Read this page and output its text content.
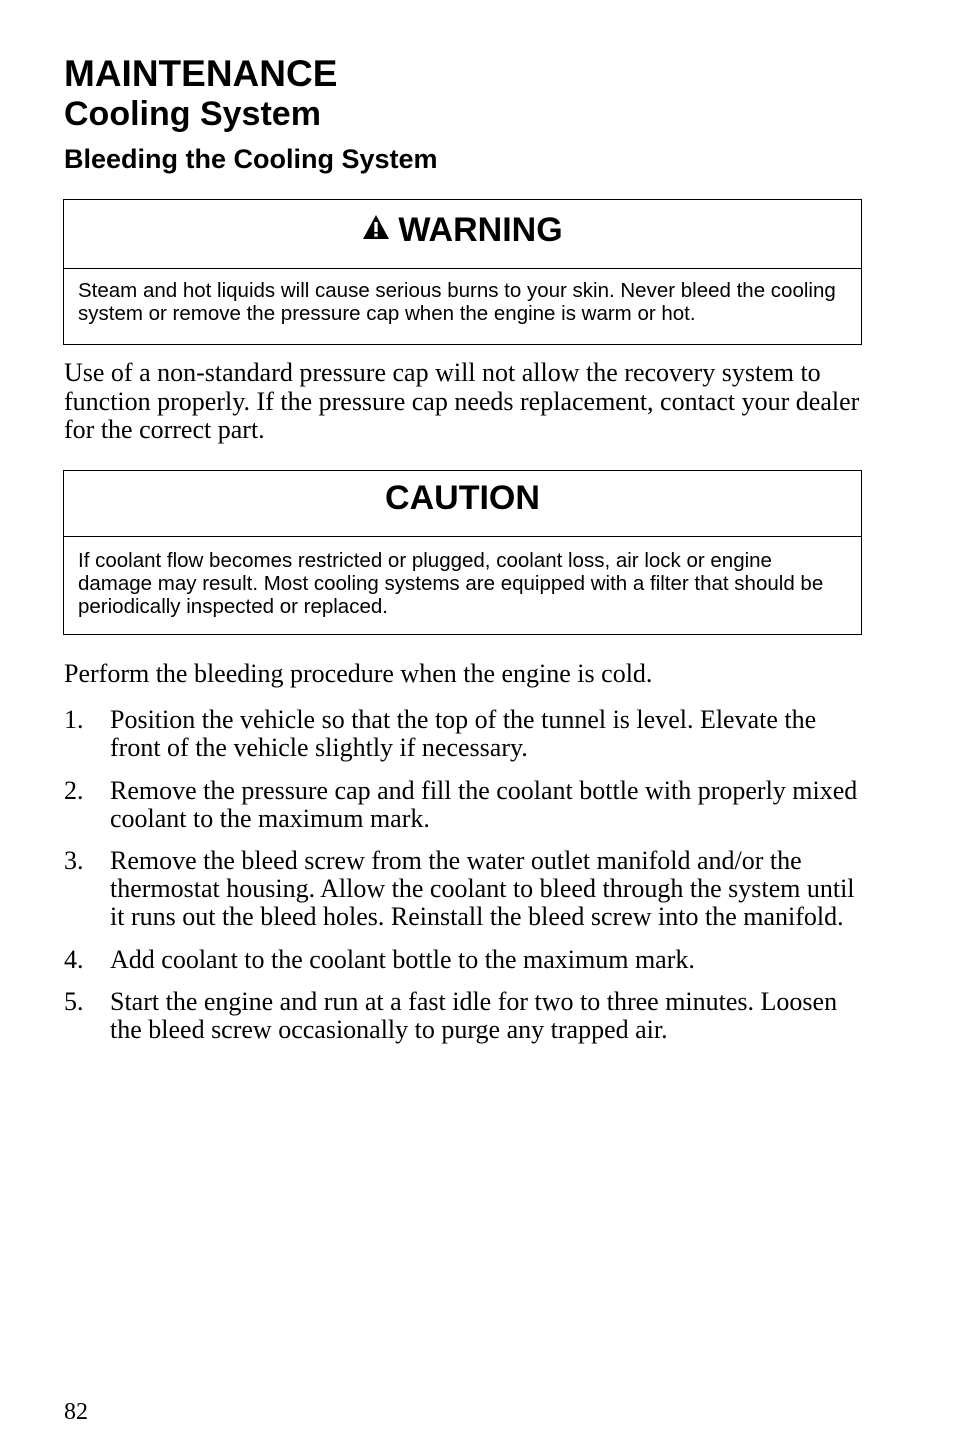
MAINTENANCE
Cooling System
Bleeding the Cooling System
WARNING
Steam and hot liquids will cause serious burns to your skin. Never bleed the cooling system or remove the pressure cap when the engine is warm or hot.

Use of a non-standard pressure cap will not allow the recovery system to function properly. If the pressure cap needs replacement, contact your dealer for the correct part.

CAUTION
If coolant flow becomes restricted or plugged, coolant loss, air lock or engine damage may result. Most cooling systems are equipped with a filter that should be periodically inspected or replaced.

Perform the bleeding procedure when the engine is cold.

1. Position the vehicle so that the top of the tunnel is level. Elevate the front of the vehicle slightly if necessary.
2. Remove the pressure cap and fill the coolant bottle with properly mixed coolant to the maximum mark.
3. Remove the bleed screw from the water outlet manifold and/or the thermostat housing. Allow the coolant to bleed through the system until it runs out the bleed holes. Reinstall the bleed screw into the manifold.
4. Add coolant to the coolant bottle to the maximum mark.
5. Start the engine and run at a fast idle for two to three minutes. Loosen the bleed screw occasionally to purge any trapped air.
82
